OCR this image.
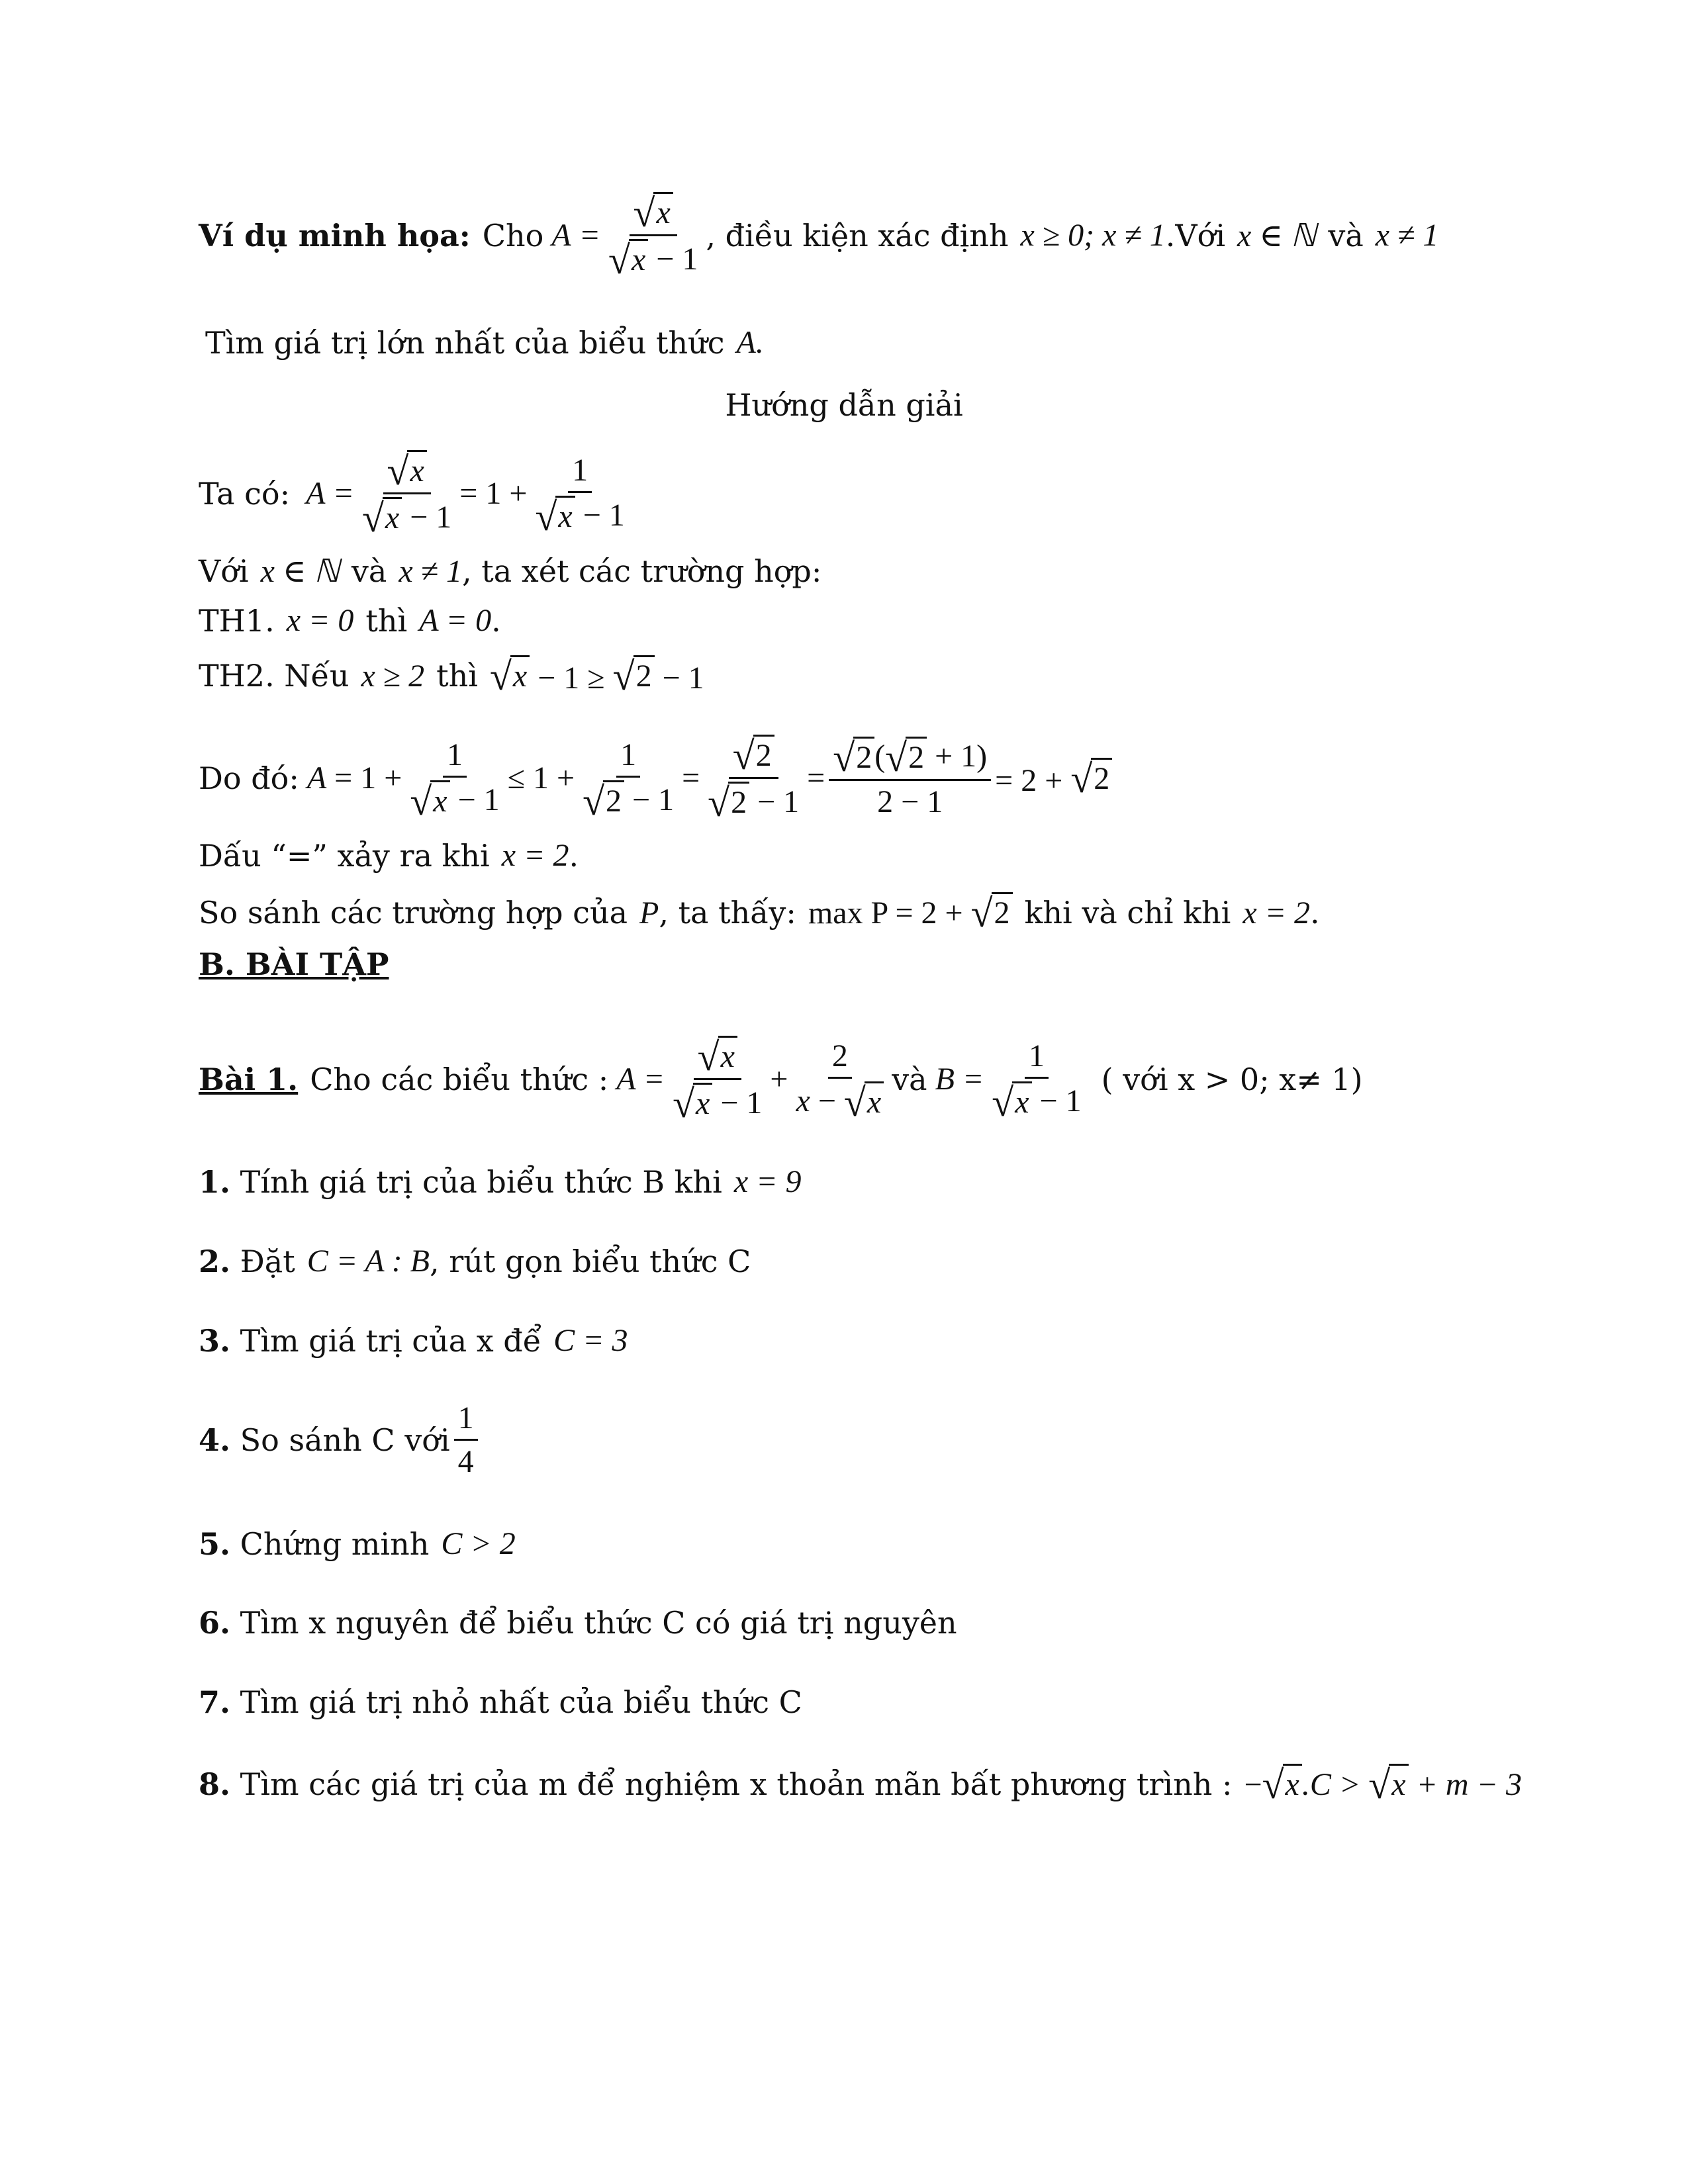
Ví dụ minh họa: Cho $A = \frac{√ x}{√ x - 1}$ , điều kiện xác định x ≥ 0; x ≠ 1 .Với x ∈ ℕ và x ≠ 1
Tìm giá trị lớn nhất của biểu thức A.
Hướng dẫn giải
Ta có: $A = \frac{√ x}{√ x - 1} = 1 + \frac{1}{√ x - 1}$
Với x ∈ ℕ và x ≠ 1 , ta xét các trường hợp:
TH1. x = 0 thì A = 0 .
TH2. Nếu x ≥ 2 thì √ x − 1 ≥ √ 2 − 1
Do đó: $A = 1 + \frac{1}{√ x - 1} \le 1 + \frac{1}{√ 2 - 1} = \frac{√ 2}{√ 2 - 1} = \frac{√ 2 ( √ 2 + 1)}{2 - 1} = 2$ + √ 2
Dấu “=” xảy ra khi x = 2 .
So sánh các trường hợp của P , ta thấy: max P = 2 +
√ 2 khi và chỉ khi x = 2 .
B. BÀI TẬP
Bài 1. Cho các biểu thức : $A = \frac{√ x}{√ x - 1} + \frac{2}{x - √ x}$ và $B = \frac{1}{√ x - 1}$ ( với x > 0; x≠ 1)
1.
Tính giá trị của biểu thức B khi x = 9
2.
Đặt C = A : B , rút gọn biểu thức C
3.
Tìm giá trị của x để C = 3
4.
So sánh C với $\frac{1}{4}$
5.
Chứng minh C > 2
6.
Tìm x nguyên để biểu thức C có giá trị nguyên
7.
Tìm giá trị nhỏ nhất của biểu thức C
8.
Tìm các giá trị của m để nghiệm x thoản mãn bất phương trình : − √ x .C >
√ x
+ m − 3
